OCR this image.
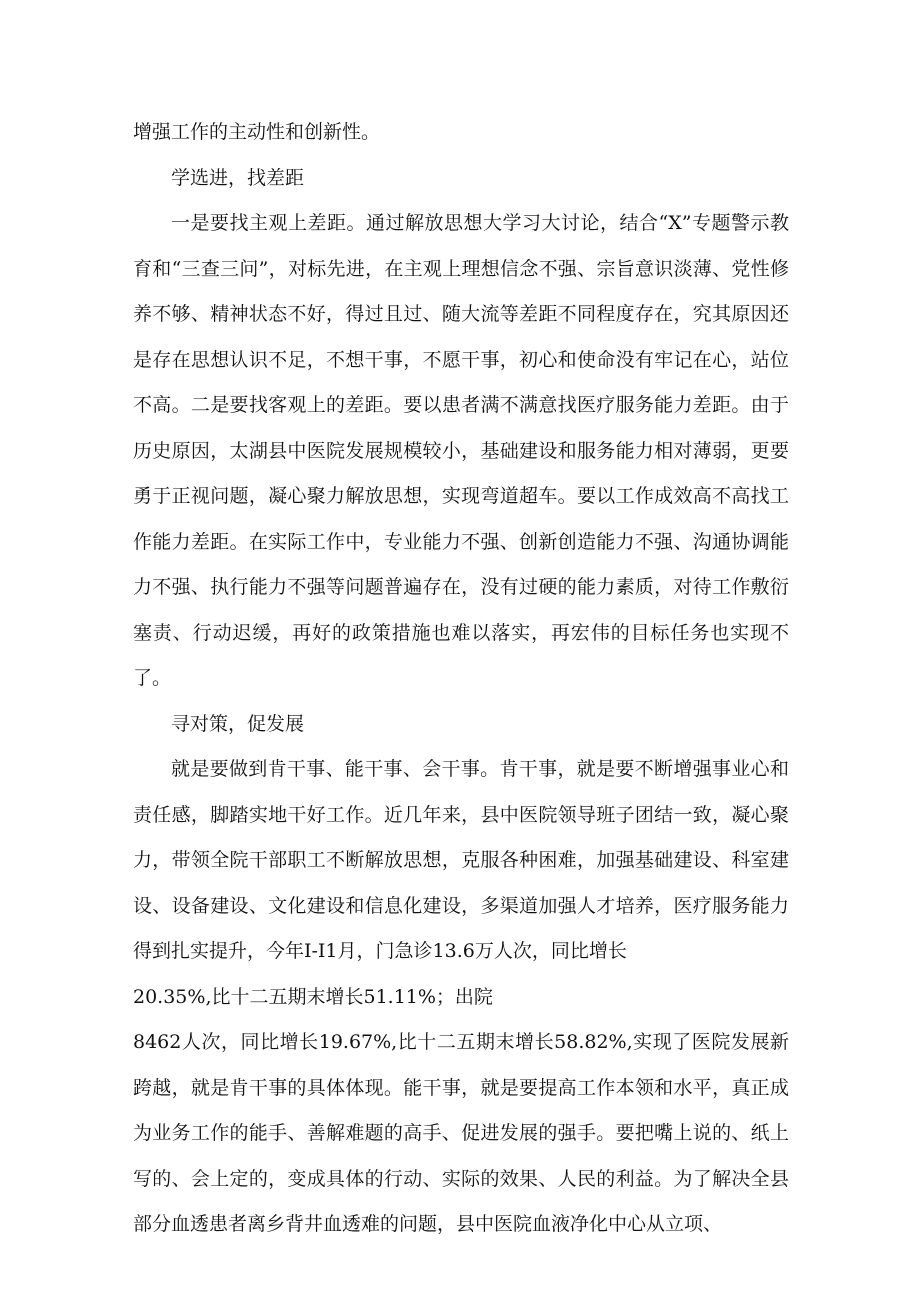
增强工作的主动性和创新性。

学选进，找差距

一是要找主观上差距。通过解放思想大学习大讨论，结合“X”专题警示教育和“三查三问”，对标先进，在主观上理想信念不强、宗旨意识淡薄、党性修养不够、精神状态不好，得过且过、随大流等差距不同程度存在，究其原因还是存在思想认识不足，不想干事，不愿干事，初心和使命没有牢记在心，站位不高。二是要找客观上的差距。要以患者满不满意找医疗服务能力差距。由于历史原因，太湖县中医院发展规模较小，基础建设和服务能力相对薄弱，更要勇于正视问题，凝心聚力解放思想，实现弯道超车。要以工作成效高不高找工作能力差距。在实际工作中，专业能力不强、创新创造能力不强、沟通协调能力不强、执行能力不强等问题普遍存在，没有过硬的能力素质，对待工作敷衍塞责、行动迟缓，再好的政策措施也难以落实，再宏伟的目标任务也实现不了。

寻对策，促发展

就是要做到肯干事、能干事、会干事。肯干事，就是要不断增强事业心和责任感，脚踏实地干好工作。近几年来，县中医院领导班子团结一致，凝心聚力，带领全院干部职工不断解放思想，克服各种困难，加强基础建设、科室建设、设备建设、文化建设和信息化建设，多渠道加强人才培养，医疗服务能力得到扎实提升，今年I-I1月，门急诊13.6万人次，同比增长

20.35%,比十二五期末增长51.11%；出院

8462人次，同比增长19.67%,比十二五期末增长58.82%,实现了医院发展新跨越，就是肯干事的具体体现。能干事，就是要提高工作本领和水平，真正成为业务工作的能手、善解难题的高手、促进发展的强手。要把嘴上说的、纸上写的、会上定的，变成具体的行动、实际的效果、人民的利益。为了解决全县部分血透患者离乡背井血透难的问题，县中医院血液净化中心从立项、
